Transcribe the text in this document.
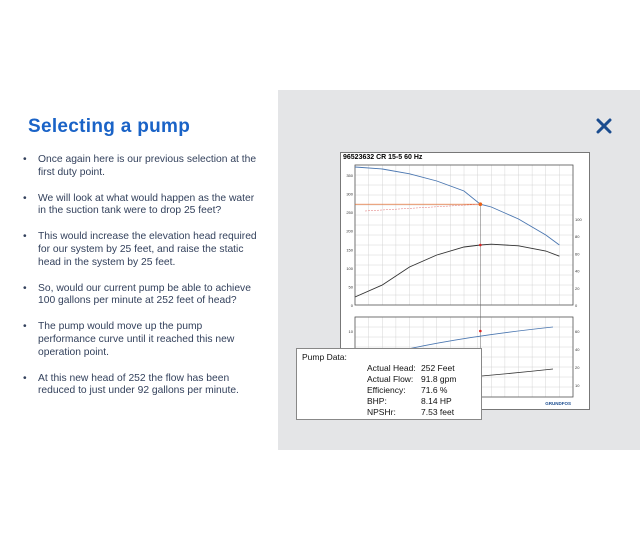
Selecting a pump
• Once again here is our previous selection at the first duty point.
• We will look at what would happen as the water in the suction tank were to drop 25 feet?
• This would increase the elevation head required for our system by 25 feet, and raise the static head in the system by 25 feet.
• So, would our current pump be able to achieve 100 gallons per minute at 252 feet of head?
• The pump would move up the pump performance curve until it reached this new operation point.
• At this new head of 252 the flow has been reduced to just under 92 gallons per minute.
350
300
250
200
150
100
50
0
100
80
60
40
20
0
10	60
40
20
10
GRUNDFOS
96523632 CR 15-5 60 Hz
Pump Data:
Actual Head: 252 Feet
Actual Flow: 91.8 gpm
Efficiency: 71.6 %
BHP:	8.14 HP
NPSHr:	7.53 feet
